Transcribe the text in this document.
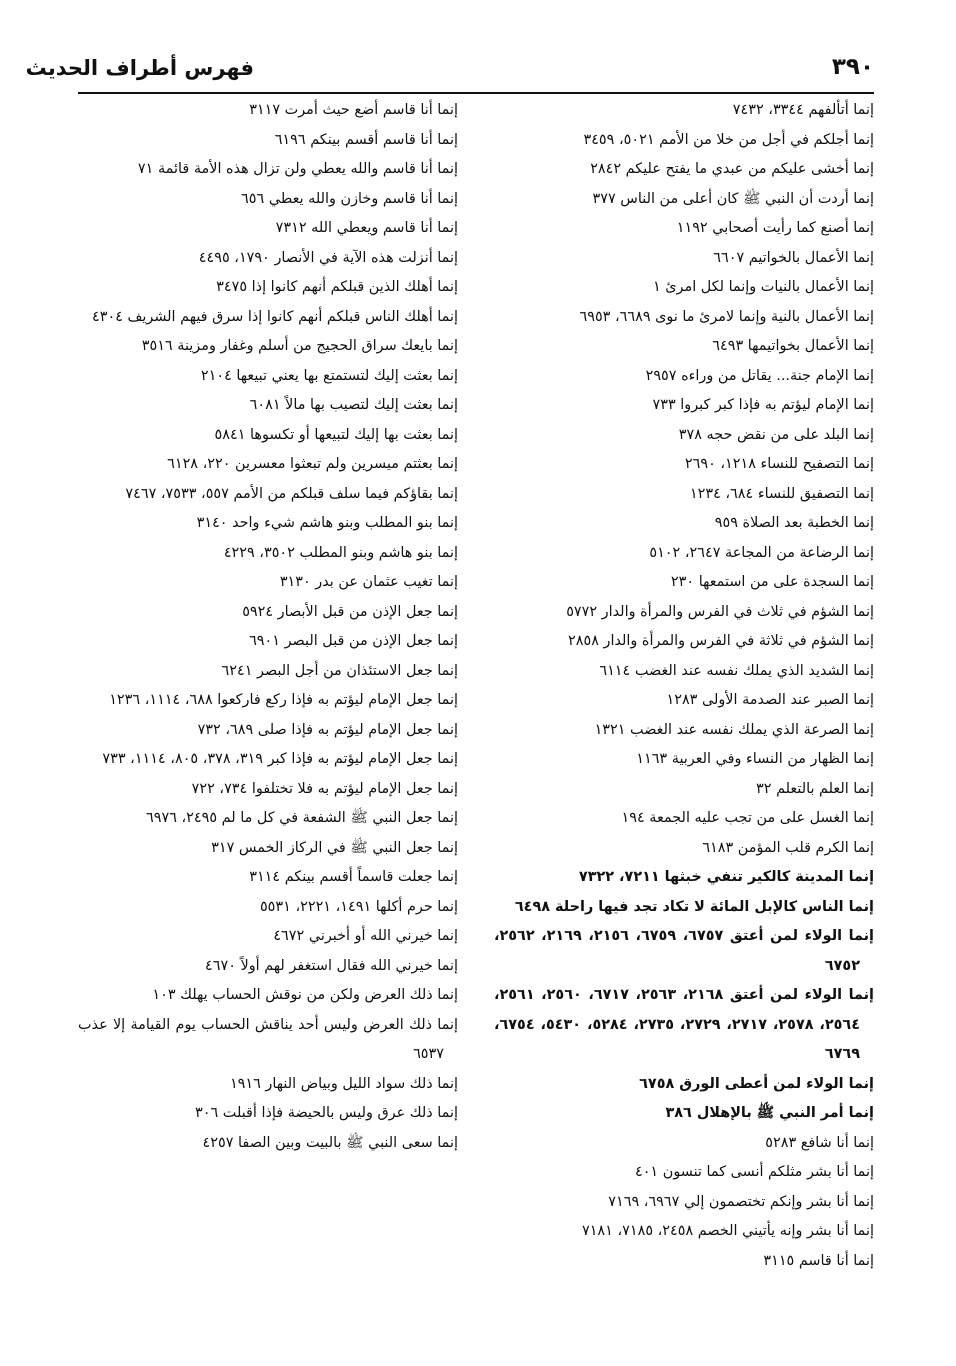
٣٩٠
فهرس أطراف الحديث
إنما أتألفهم ٣٣٤٤، ٧٤٣٢
إنما أجلكم في أجل من خلا من الأمم ٥٠٢١، ٣٤٥٩
إنما أخشى عليكم من عبدي ما يفتح عليكم ٢٨٤٢
إنما أردت أن النبي ﷺ كان أعلى من الناس ٣٧٧
إنما أصنع كما رأيت أصحابي ١١٩٢
إنما الأعمال بالخواتيم ٦٦٠٧
إنما الأعمال بالنيات وإنما لكل امرئ ١
إنما الأعمال بالنية وإنما لامرئ ما نوى ٦٦٨٩، ٦٩٥٣
إنما الأعمال بخواتيمها ٦٤٩٣
إنما الإمام جنة... يقاتل من وراءه ٢٩٥٧
إنما الإمام ليؤتم به فإذا كبر كبروا ٧٣٣
إنما البلد على من نقض حجه ٣٧٨
إنما التصفيح للنساء ١٢١٨، ٢٦٩٠
إنما التصفيق للنساء ٦٨٤، ١٢٣٤
إنما الخطبة بعد الصلاة ٩٥٩
إنما الرضاعة من المجاعة ٢٦٤٧، ٥١٠٢
إنما السجدة على من استمعها ٢٣٠
إنما الشؤم في ثلاث في الفرس والمرأة والدار ٥٧٧٢
إنما الشؤم في ثلاثة في الفرس والمرأة والدار ٢٨٥٨
إنما الشديد الذي يملك نفسه عند الغضب ٦١١٤
إنما الصبر عند الصدمة الأولى ١٢٨٣
إنما الصرعة الذي يملك نفسه عند الغضب ١٣٢١
إنما الظهار من النساء وفي العربية ١١٦٣
إنما العلم بالتعلم ٣٢
إنما الغسل على من تجب عليه الجمعة ١٩٤
إنما الكرم قلب المؤمن ٦١٨٣
إنما المدينة كالكير تنفي خبثها ٧٢١١، ٧٣٢٢
إنما الناس كالإبل المائة لا تكاد تجد فيها راحلة ٦٤٩٨
إنما الولاء لمن أعتق ٦٧٥٧، ٦٧٥٩، ٢١٥٦، ٢١٦٩، ٢٥٦٢، ٦٧٥٢
إنما الولاء لمن أعتق ٢١٦٨، ٢٥٦٣، ٦٧١٧، ٢٥٦٠، ٢٥٦١، ٢٥٦٤، ٢٥٧٨، ٢٧١٧، ٢٧٢٩، ٢٧٣٥، ٥٢٨٤، ٥٤٣٠، ٦٧٥٤، ٦٧٦٩
إنما الولاء لمن أعطى الورق ٦٧٥٨
إنما أمر النبي ﷺ بالإهلال ٣٨٦
إنما أنا شافع ٥٢٨٣
إنما أنا بشر مثلكم أنسى كما تنسون ٤٠١
إنما أنا بشر وإنكم تختصمون إلي ٦٩٦٧، ٧١٦٩
إنما أنا بشر وإنه يأتيني الخصم ٢٤٥٨، ٧١٨٥، ٧١٨١
إنما أنا قاسم ٣١١٥
إنما أنا قاسم أضع حيث أمرت ٣١١٧
إنما أنا قاسم أقسم بينكم ٦١٩٦
إنما أنا قاسم والله يعطي ولن تزال هذه الأمة قائمة ٧١
إنما أنا قاسم وخازن والله يعطي ٦٥٦
إنما أنا قاسم ويعطي الله ٧٣١٢
إنما أنزلت هذه الآية في الأنصار ١٧٩٠، ٤٤٩٥
إنما أهلك الذين قبلكم أنهم كانوا إذا ٣٤٧٥
إنما أهلك الناس قبلكم أنهم كانوا إذا سرق فيهم الشريف ٤٣٠٤
إنما بايعك سراق الحجيج من أسلم وغفار ومزينة ٣٥١٦
إنما بعثت إليك لتستمتع بها يعني تبيعها ٢١٠٤
إنما بعثت إليك لتصيب بها مالاً ٦٠٨١
إنما بعثت بها إليك لتبيعها أو تكسوها ٥٨٤١
إنما بعثتم ميسرين ولم تبعثوا معسرين ٢٢٠، ٦١٢٨
إنما بقاؤكم فيما سلف قبلكم من الأمم ٥٥٧، ٧٥٣٣، ٧٤٦٧
إنما بنو المطلب وبنو هاشم شيء واحد ٣١٤٠
إنما بنو هاشم وبنو المطلب ٣٥٠٢، ٤٢٢٩
إنما تغيب عثمان عن بدر ٣١٣٠
إنما جعل الإذن من قبل الأبصار ٥٩٢٤
إنما جعل الإذن من قبل البصر ٦٩٠١
إنما جعل الاستئذان من أجل البصر ٦٢٤١
إنما جعل الإمام ليؤتم به فإذا ركع فاركعوا ٦٨٨، ١١١٤، ١٢٣٦
إنما جعل الإمام ليؤتم به فإذا صلى ٦٨٩، ٧٣٢
إنما جعل الإمام ليؤتم به فإذا كبر ٣١٩، ٣٧٨، ٨٠٥، ١١١٤، ٧٣٣
إنما جعل الإمام ليؤتم به فلا تختلفوا ٧٣٤، ٧٢٢
إنما جعل النبي ﷺ الشفعة في كل ما لم ٢٤٩٥، ٦٩٧٦
إنما جعل النبي ﷺ في الركاز الخمس ٣١٧
إنما جعلت قاسماً أقسم بينكم ٣١١٤
إنما حرم أكلها ١٤٩١، ٢٢٢١، ٥٥٣١
إنما خيرني الله أو أخبرني ٤٦٧٢
إنما خيرني الله فقال استغفر لهم أولاً ٤٦٧٠
إنما ذلك العرض ولكن من نوقش الحساب يهلك ١٠٣
إنما ذلك العرض وليس أحد يناقش الحساب يوم القيامة إلا عذب ٦٥٣٧
إنما ذلك سواد الليل وبياض النهار ١٩١٦
إنما ذلك عرق وليس بالحيضة فإذا أقبلت ٣٠٦
إنما سعى النبي ﷺ بالبيت وبين الصفا ٤٢٥٧
